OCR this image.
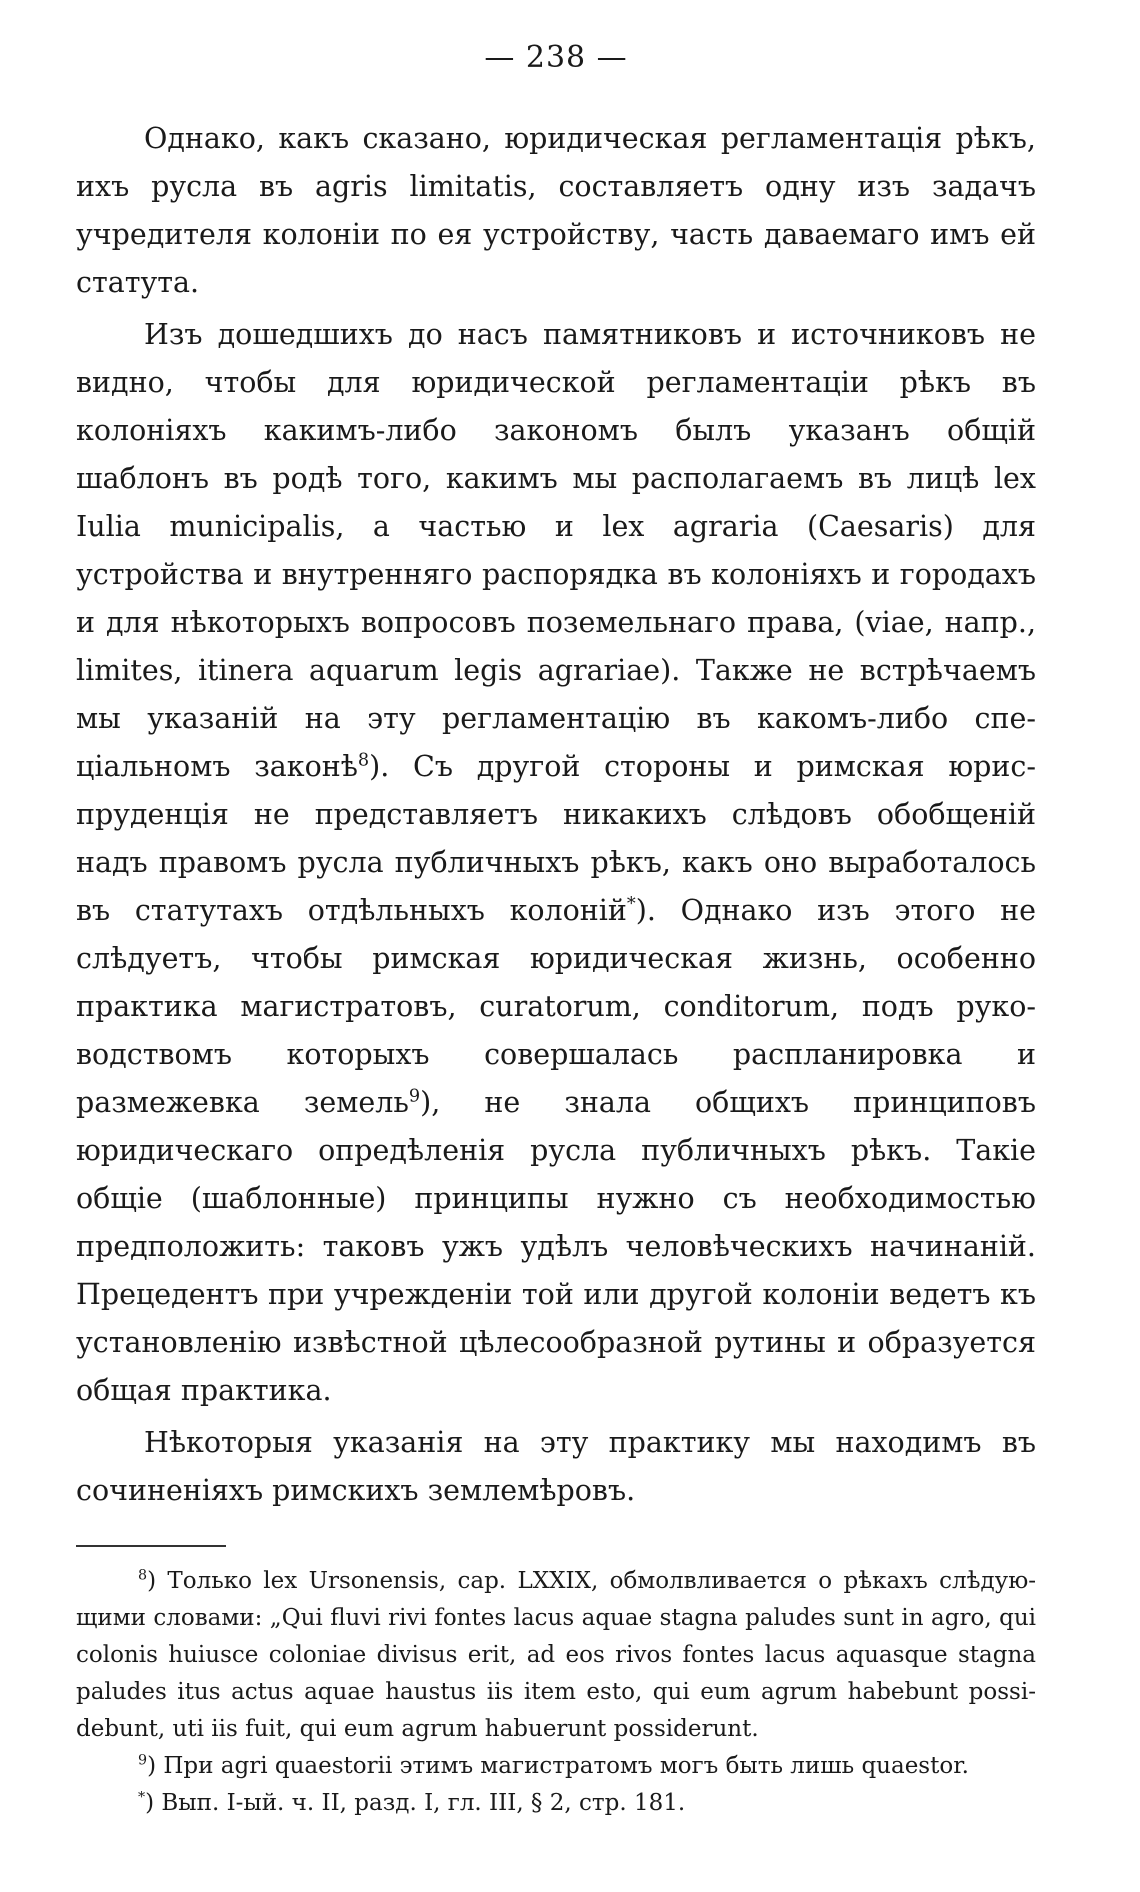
— 238 —

Однако, какъ сказано, юридическая регламентація рѣкъ, ихъ русла въ agris limitatis, составляетъ одну изъ задачъ учредителя колоніи по ея устройству, часть даваемаго имъ ей статута.

Изъ дошедшихъ до насъ памятниковъ и источниковъ не видно, чтобы для юридической регламентаціи рѣкъ въ колоніяхъ какимъ-либо закономъ былъ указанъ общій шаблонъ въ родѣ того, какимъ мы располагаемъ въ лицѣ lex Iulia municipalis, а частью и lex agraria (Caesaris) для устройства и внутренняго распорядка въ колоніяхъ и городахъ и для нѣкоторыхъ вопросовъ поземельнаго права, (viae, напр., limites, itinera aquarum legis agrariae). Также не встрѣчаемъ мы указаній на эту регламентацію въ какомъ-либо спеціальномъ законѣ$^8$). Съ другой стороны и римская юриспруденція не представляетъ никакихъ слѣдовъ обобщеній надъ правомъ русла публичныхъ рѣкъ, какъ оно выработалось въ статутахъ отдѣльныхъ колоній*). Однако изъ этого не слѣдуетъ, чтобы римская юридическая жизнь, особенно практика магистратовъ, curatorum, conditorum, подъ руководствомъ которыхъ совершалась распланировка и размежевка земель$^9$), не знала общихъ принциповъ юридическаго опредѣленія русла публичныхъ рѣкъ. Такіе общіе (шаблонные) принципы нужно съ необходимостью предположить: таковъ ужъ удѣлъ человѣческихъ начинаній. Прецедентъ при учрежденіи той или другой колоніи ведетъ къ установленію извѣстной цѣлесообразной рутины и образуется общая практика.

Нѣкоторыя указанія на эту практику мы находимъ въ сочиненіяхъ римскихъ землемѣровъ.

$^8$) Только lex Ursonensis, cap. LXXIX, обмолвливается о рѣкахъ слѣдующими словами: „Qui fluvi rivi fontes lacus aquae stagna paludes sunt in agro, qui colonis huiusce coloniae divisus erit, ad eos rivos fontes lacus aquasque stagna paludes itus actus aquae haustus iis item esto, qui eum agrum habebunt possidebunt, uti iis fuit, qui eum agrum habuerunt possiderunt.

$^9$) При agri quaestorii этимъ магистратомъ могъ быть лишь quaestor.

*) Вып. I-ый. ч. II, разд. I, гл. III, § 2, стр. 181.
